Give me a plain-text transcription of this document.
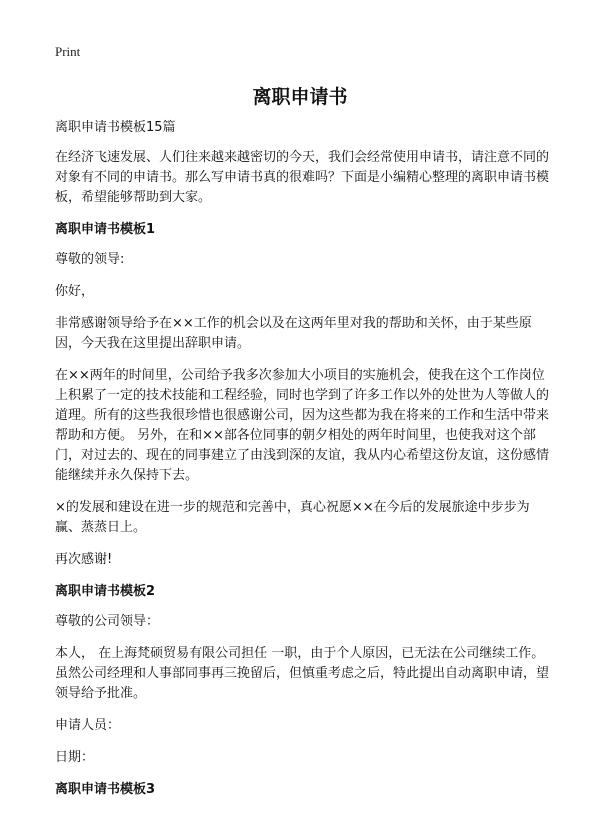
Print
离职申请书

离职申请书模板15篇

在经济飞速发展、人们往来越来越密切的今天，我们会经常使用申请书，请注意不同的对象有不同的申请书。那么写申请书真的很难吗？下面是小编精心整理的离职申请书模板，希望能够帮助到大家。

离职申请书模板1

尊敬的领导:

你好，

非常感谢领导给予在××工作的机会以及在这两年里对我的帮助和关怀，由于某些原因，今天我在这里提出辞职申请。

在××两年的时间里，公司给予我多次参加大小项目的实施机会，使我在这个工作岗位上积累了一定的技术技能和工程经验，同时也学到了许多工作以外的处世为人等做人的道理。所有的这些我很珍惜也很感谢公司，因为这些都为我在将来的工作和生活中带来帮助和方便。 另外，在和××部各位同事的朝夕相处的两年时间里，也使我对这个部门，对过去的、现在的同事建立了由浅到深的友谊，我从内心希望这份友谊，这份感情能继续并永久保持下去。

×的发展和建设在进一步的规范和完善中，真心祝愿××在今后的发展旅途中步步为赢、蒸蒸日上。

再次感谢!

离职申请书模板2

尊敬的公司领导：

本人， 在上海梵硕贸易有限公司担任 一职，由于个人原因，已无法在公司继续工作。虽然公司经理和人事部同事再三挽留后，但慎重考虑之后，特此提出自动离职申请，望领导给予批准。

申请人员：

日期：

离职申请书模板3
